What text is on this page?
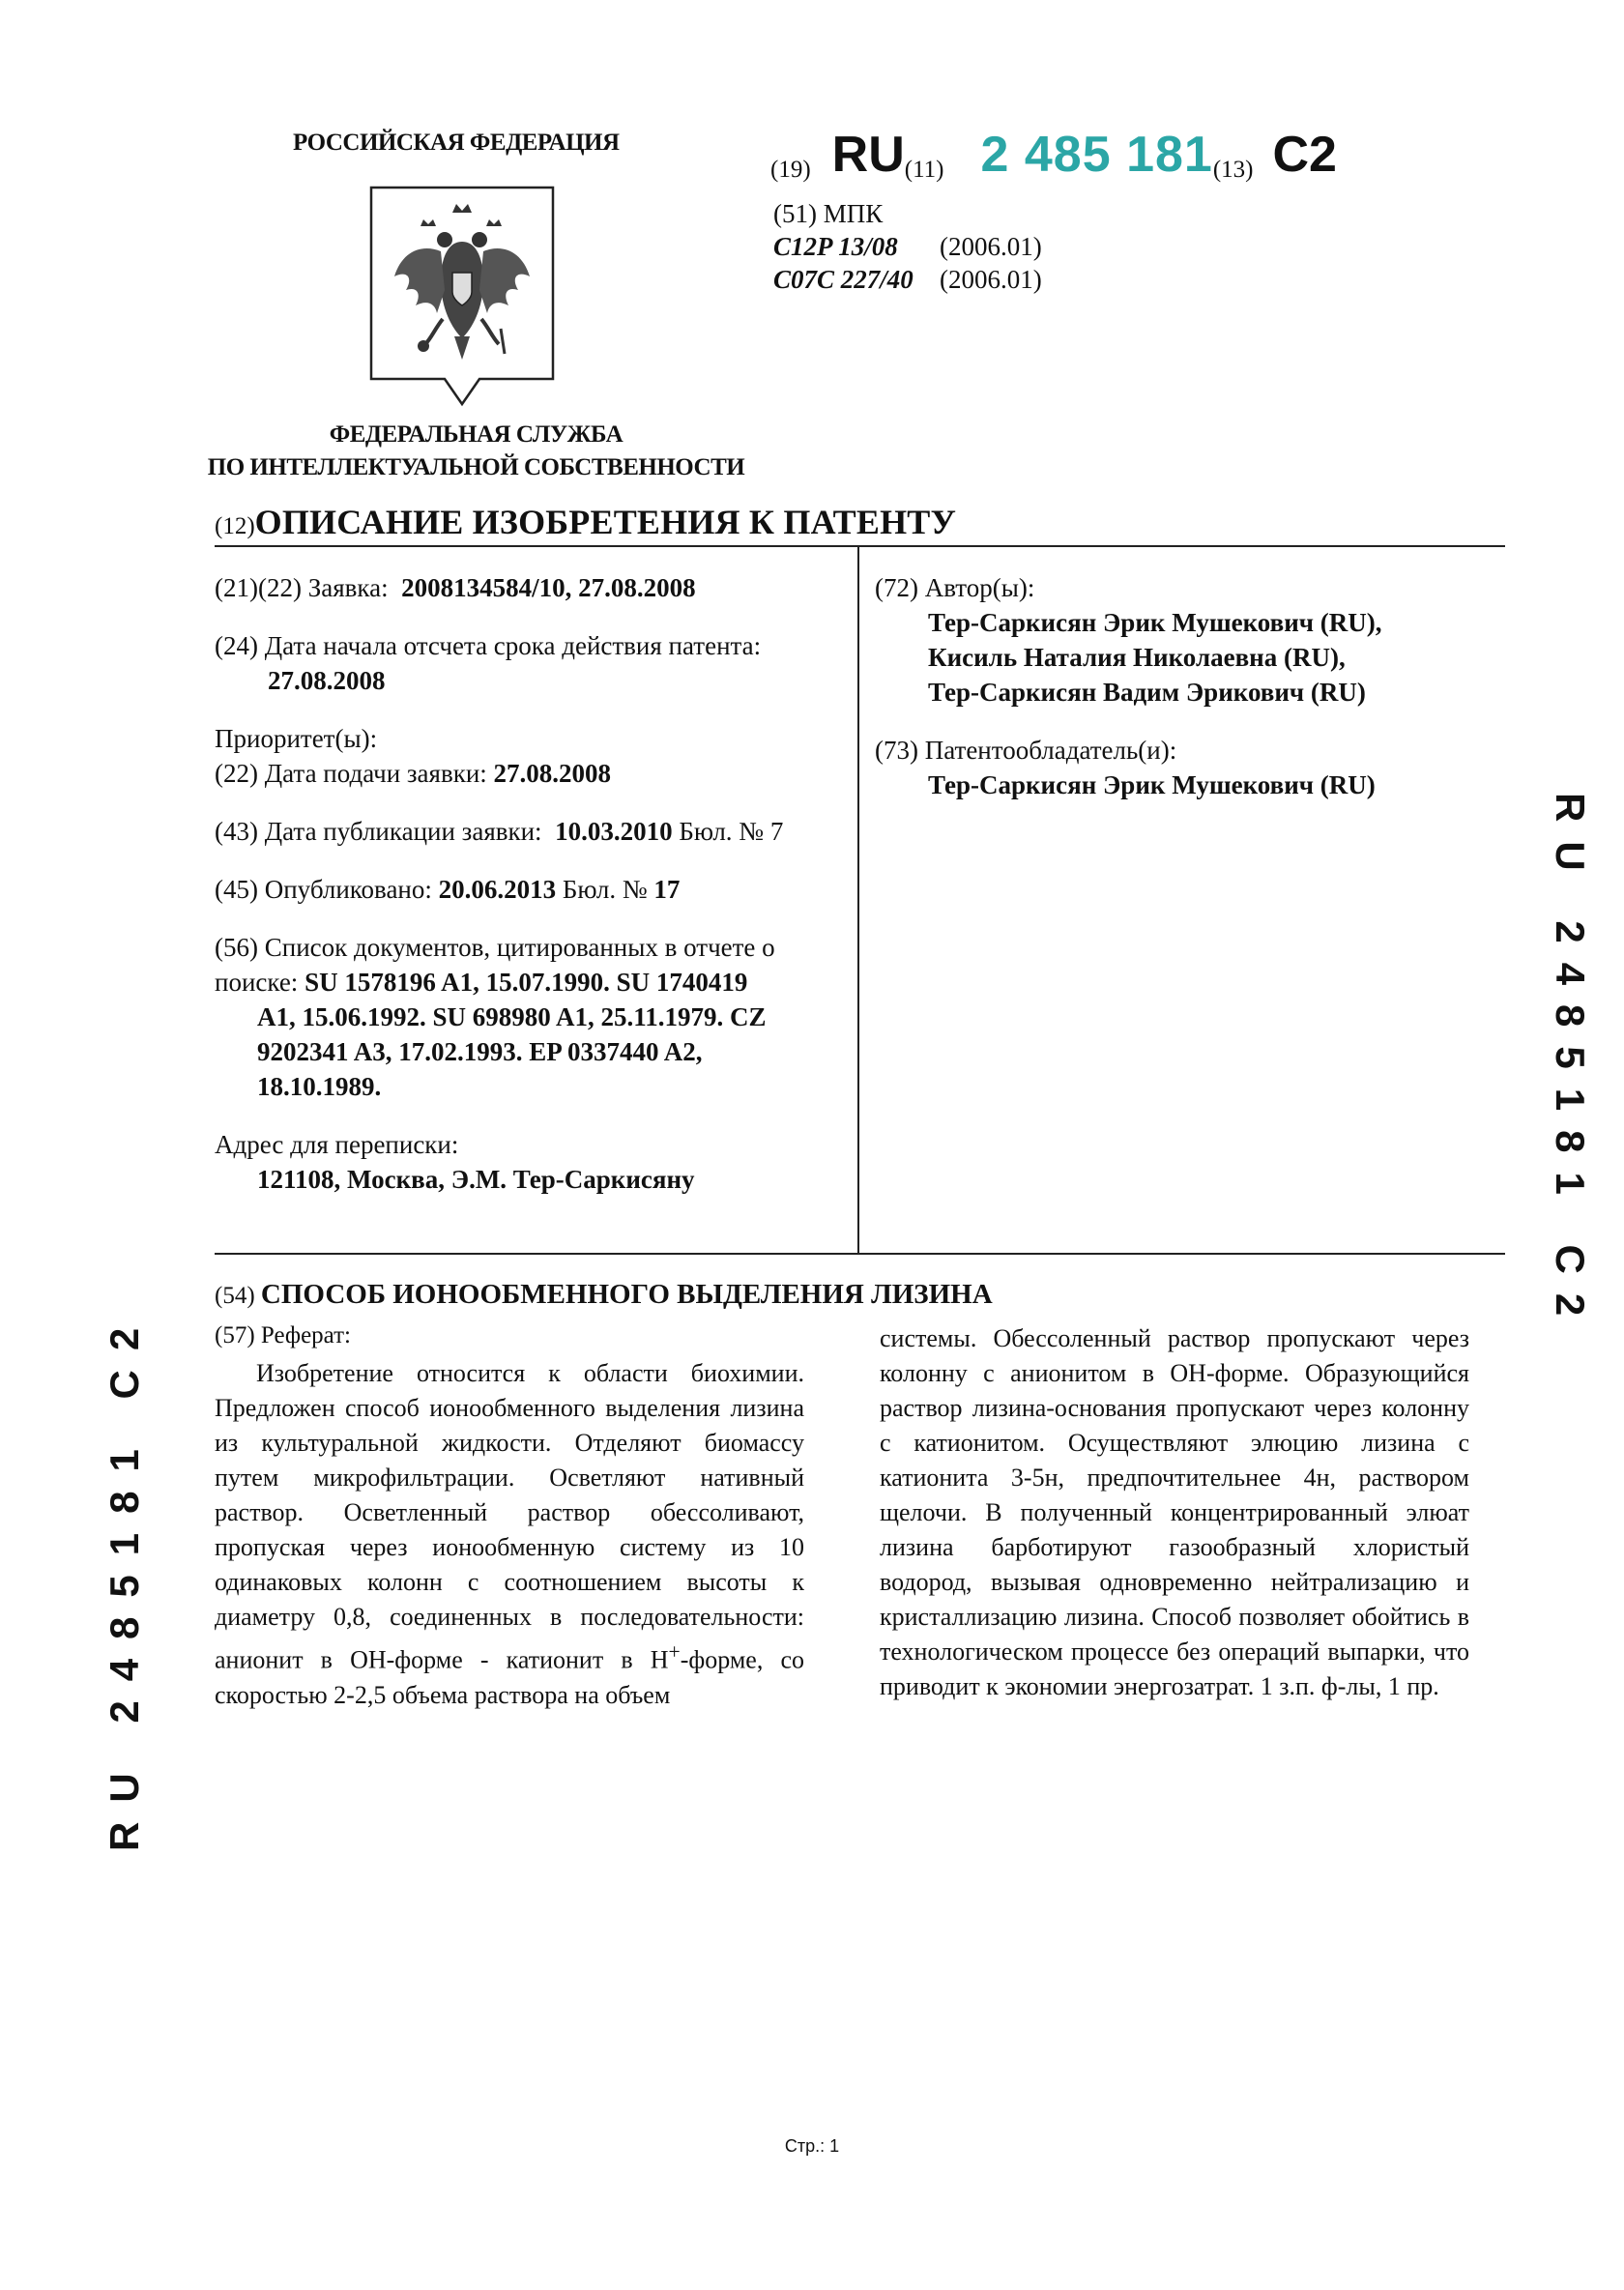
РОССИЙСКАЯ ФЕДЕРАЦИЯ
ФЕДЕРАЛЬНАЯ СЛУЖБА
ПО ИНТЕЛЛЕКТУАЛЬНОЙ СОБСТВЕННОСТИ
(19) RU(11) 2 485 181(13) C2
(51) МПК
C12P 13/08 (2006.01)
C07C 227/40 (2006.01)
(12)ОПИСАНИЕ ИЗОБРЕТЕНИЯ К ПАТЕНТУ
(21)(22) Заявка: 2008134584/10, 27.08.2008
(24) Дата начала отсчета срока действия патента:
27.08.2008
Приоритет(ы):
(22) Дата подачи заявки: 27.08.2008
(43) Дата публикации заявки: 10.03.2010 Бюл. № 7
(45) Опубликовано: 20.06.2013 Бюл. № 17
(56) Список документов, цитированных в отчете о
поиске: SU 1578196 A1, 15.07.1990. SU 1740419
A1, 15.06.1992. SU 698980 A1, 25.11.1979. CZ
9202341 A3, 17.02.1993. EP 0337440 A2,
18.10.1989.
Адрес для переписки:
121108, Москва, Э.М. Тер-Саркисяну
(72) Автор(ы):
Тер-Саркисян Эрик Мушекович (RU),
Кисиль Наталия Николаевна (RU),
Тер-Саркисян Вадим Эрикович (RU)
(73) Патентообладатель(и):
Тер-Саркисян Эрик Мушекович (RU)
RU 2485181 C2
RU 2485181 C2
(54) СПОСОБ ИОНООБМЕННОГО ВЫДЕЛЕНИЯ ЛИЗИНА
(57) Реферат:
Изобретение относится к области биохимии. Предложен способ ионообменного выделения лизина из культуральной жидкости. Отделяют биомассу путем микрофильтрации. Осветляют нативный раствор. Осветленный раствор обессоливают, пропуская через ионообменную систему из 10 одинаковых колонн с соотношением высоты к диаметру 0,8, соединенных в последовательности: анионит в ОН-форме - катионит в Н+-форме, со скоростью 2-2,5 объема раствора на объем
системы. Обессоленный раствор пропускают через колонну с анионитом в ОН-форме. Образующийся раствор лизина-основания пропускают через колонну с катионитом. Осуществляют элюцию лизина с катионита 3-5н, предпочтительнее 4н, раствором щелочи. В полученный концентрированный элюат лизина барботируют газообразный хлористый водород, вызывая одновременно нейтрализацию и кристаллизацию лизина. Способ позволяет обойтись в технологическом процессе без операций выпарки, что приводит к экономии энергозатрат. 1 з.п. ф-лы, 1 пр.
Стр.: 1
